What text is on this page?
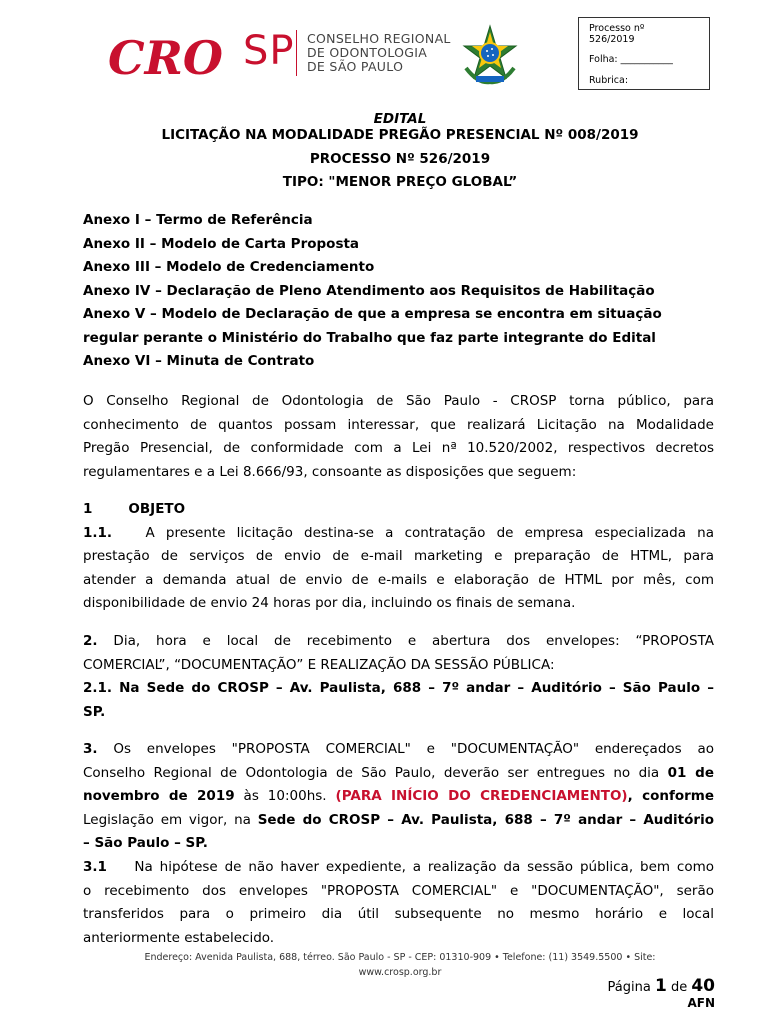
CRO SP CONSELHO REGIONAL
DE ODONTOLOGIA
DE SÃO PAULO
Processo nº
526/2019
Folha: ___________
Rubrica:
EDITAL
LICITAÇÃO NA MODALIDADE PREGÃO PRESENCIAL Nº 008/2019
PROCESSO Nº 526/2019
TIPO: "MENOR PREÇO GLOBAL”
Anexo I – Termo de Referência
Anexo II – Modelo de Carta Proposta
Anexo III – Modelo de Credenciamento
Anexo IV – Declaração de Pleno Atendimento aos Requisitos de Habilitação
Anexo V – Modelo de Declaração de que a empresa se encontra em situação
regular perante o Ministério do Trabalho que faz parte integrante do Edital
Anexo VI – Minuta de Contrato
O Conselho Regional de Odontologia de São Paulo - CROSP torna público, para
conhecimento de quantos possam interessar, que realizará Licitação na Modalidade
Pregão Presencial, de conformidade com a Lei nª 10.520/2002, respectivos decretos
regulamentares e a Lei 8.666/93, consoante as disposições que seguem:
1	OBJETO
1.1. A presente licitação destina-se a contratação de empresa especializada na
prestação de serviços de envio de e-mail marketing e preparação de HTML, para
atender a demanda atual de envio de e-mails e elaboração de HTML por mês, com
disponibilidade de envio 24 horas por dia, incluindo os finais de semana.
2. Dia, hora e local de recebimento e abertura dos envelopes: “PROPOSTA
COMERCIAL”, “DOCUMENTAÇÃO” E REALIZAÇÃO DA SESSÃO PÚBLICA:
2.1. Na Sede do CROSP – Av. Paulista, 688 – 7º andar – Auditório – São Paulo –
SP.
3. Os envelopes "PROPOSTA COMERCIAL" e "DOCUMENTAÇÃO" endereçados ao
Conselho Regional de Odontologia de São Paulo, deverão ser entregues no dia 01 de
novembro de 2019 às 10:00hs. (PARA INÍCIO DO CREDENCIAMENTO), conforme
Legislação em vigor, na Sede do CROSP – Av. Paulista, 688 – 7º andar – Auditório
– São Paulo – SP.
3.1 Na hipótese de não haver expediente, a realização da sessão pública, bem como
o recebimento dos envelopes "PROPOSTA COMERCIAL" e "DOCUMENTAÇÃO", serão
transferidos para o primeiro dia útil subsequente no mesmo horário e local
anteriormente estabelecido.
Endereço: Avenida Paulista, 688, térreo. São Paulo - SP - CEP: 01310-909 • Telefone: (11) 3549.5500 • Site:
www.crosp.org.br
Página 1 de 40
AFN
